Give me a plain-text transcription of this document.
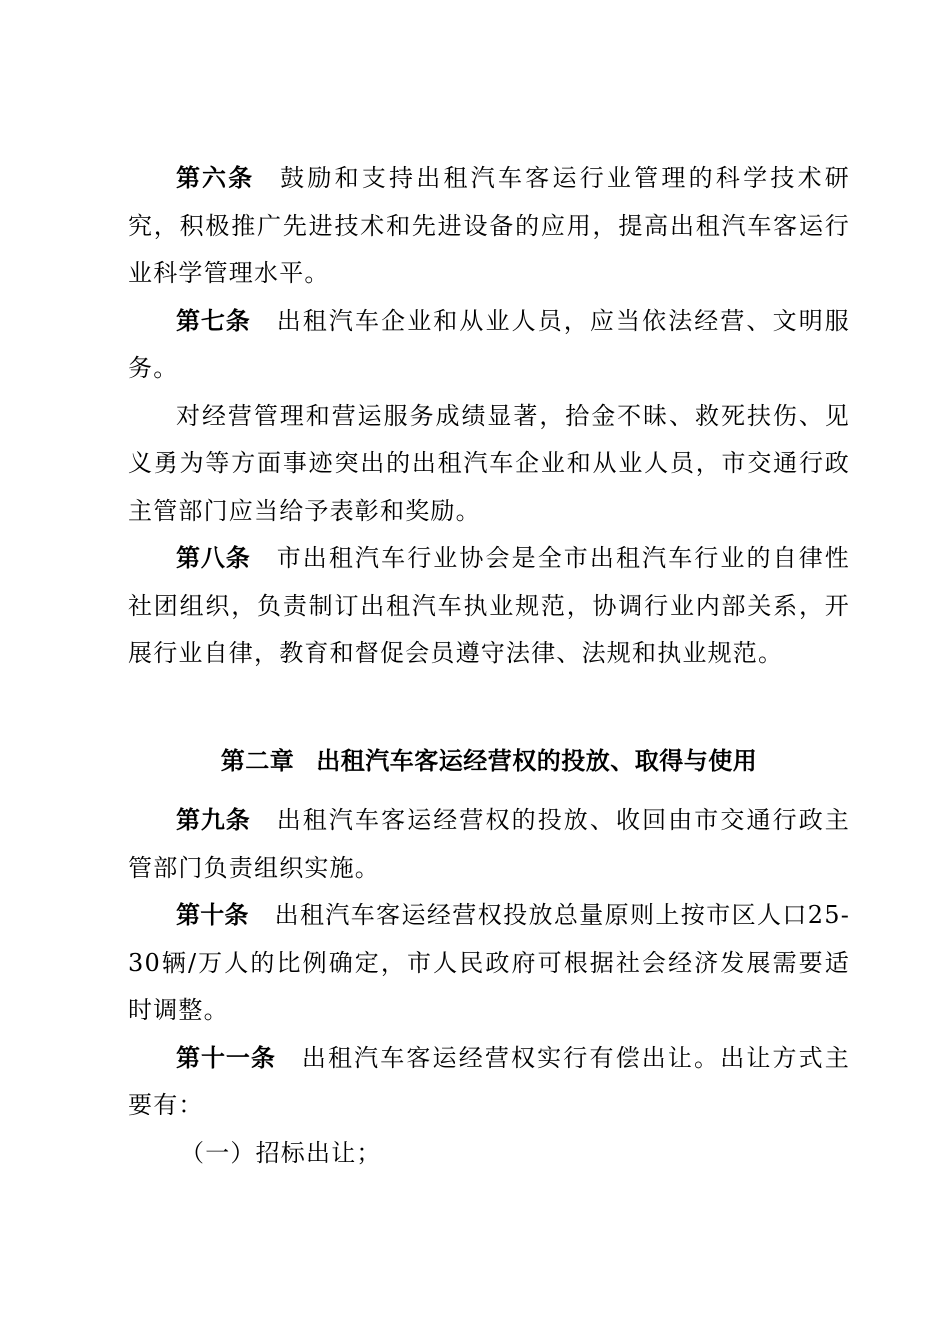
第六条 鼓励和支持出租汽车客运行业管理的科学技术研究，积极推广先进技术和先进设备的应用，提高出租汽车客运行业科学管理水平。

第七条 出租汽车企业和从业人员，应当依法经营、文明服务。

对经营管理和营运服务成绩显著，拾金不昧、救死扶伤、见义勇为等方面事迹突出的出租汽车企业和从业人员，市交通行政主管部门应当给予表彰和奖励。

第八条 市出租汽车行业协会是全市出租汽车行业的自律性社团组织，负责制订出租汽车执业规范，协调行业内部关系，开展行业自律，教育和督促会员遵守法律、法规和执业规范。

第二章 出租汽车客运经营权的投放、取得与使用

第九条 出租汽车客运经营权的投放、收回由市交通行政主管部门负责组织实施。

第十条 出租汽车客运经营权投放总量原则上按市区人口25-30辆/万人的比例确定，市人民政府可根据社会经济发展需要适时调整。

第十一条 出租汽车客运经营权实行有偿出让。出让方式主要有：

（一）招标出让；
